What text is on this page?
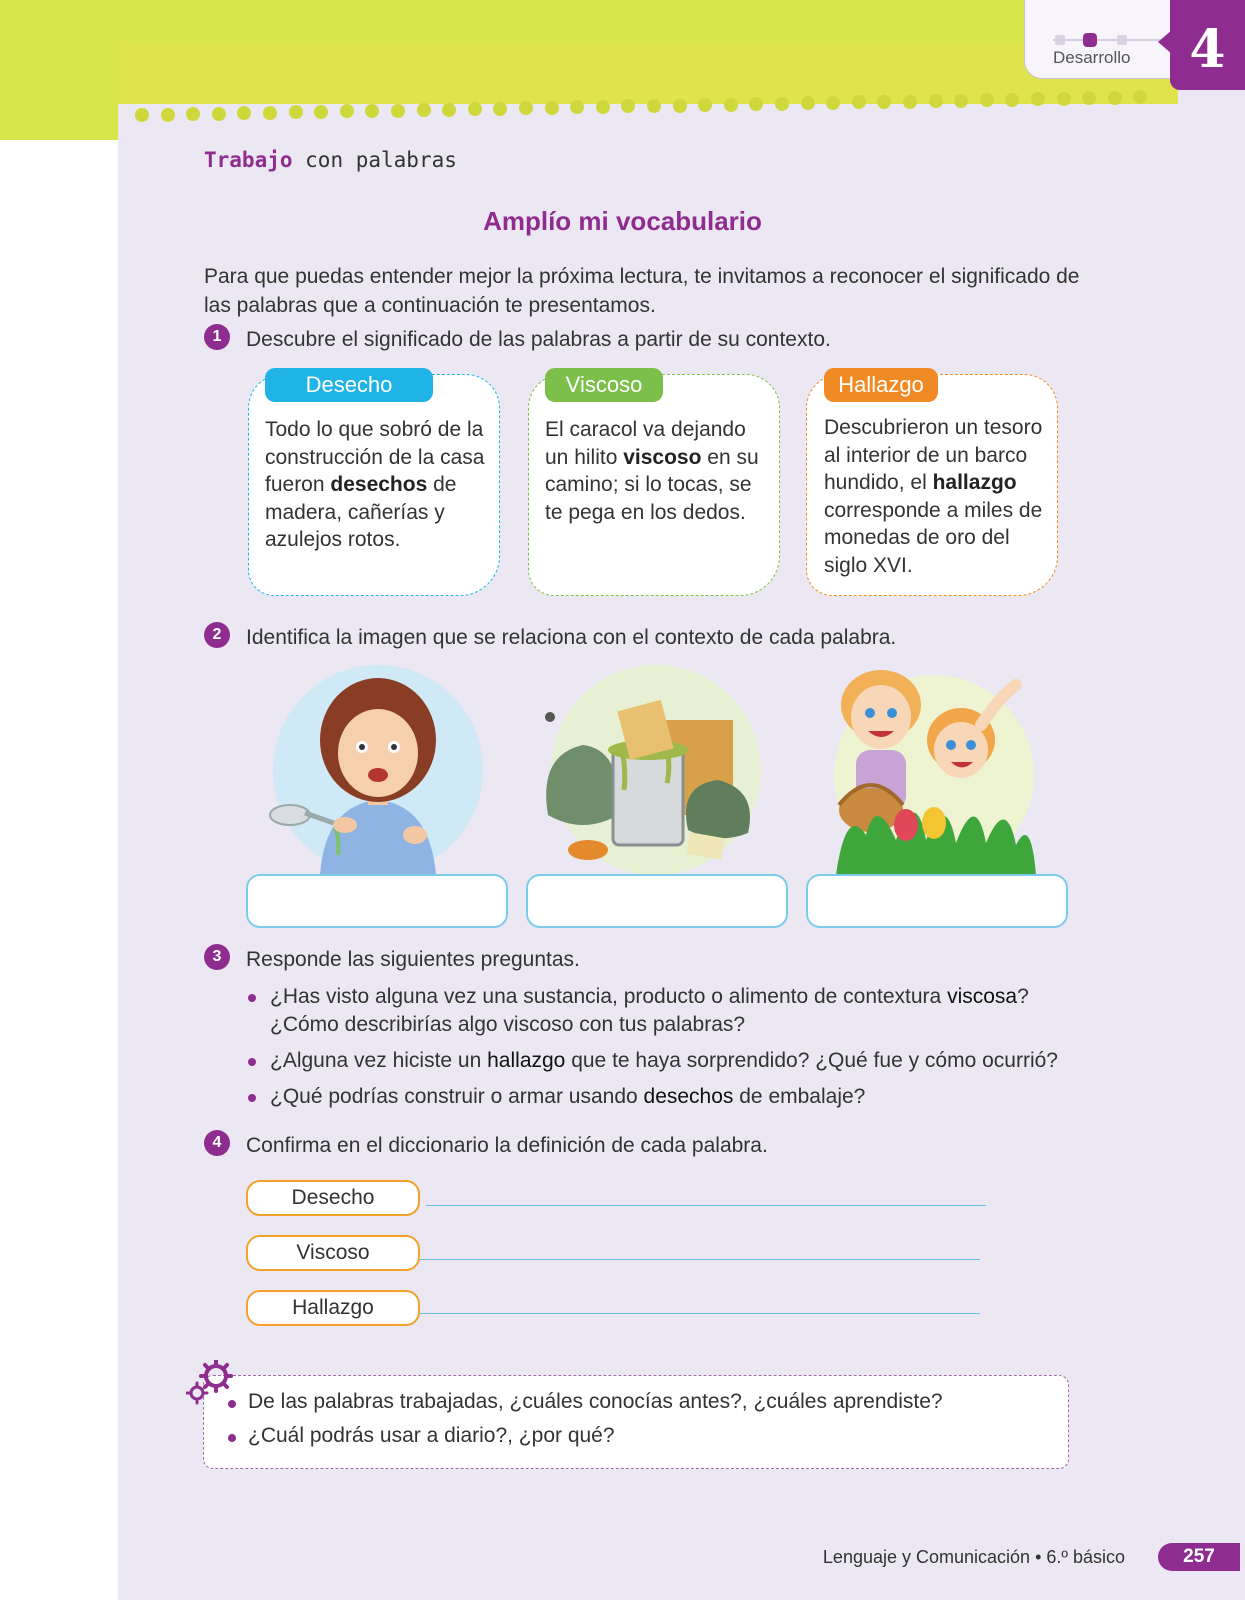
Desarrollo	4
Trabajo con palabras
Amplío mi vocabulario
Para que puedas entender mejor la próxima lectura, te invitamos a reconocer el significado de las palabras que a continuación te presentamos.
1	Descubre el significado de las palabras a partir de su contexto.
Desecho
Todo lo que sobró de la construcción de la casa fueron desechos de madera, cañerías y azulejos rotos.
Viscoso
El caracol va dejando un hilito viscoso en su camino; si lo tocas, se te pega en los dedos.
Hallazgo
Descubrieron un tesoro al interior de un barco hundido, el hallazgo corresponde a miles de monedas de oro del siglo XVI.
2	Identifica la imagen que se relaciona con el contexto de cada palabra.
3	Responde las siguientes preguntas.
¿Has visto alguna vez una sustancia, producto o alimento de contextura viscosa? ¿Cómo describirías algo viscoso con tus palabras?
¿Alguna vez hiciste un hallazgo que te haya sorprendido? ¿Qué fue y cómo ocurrió?
¿Qué podrías construir o armar usando desechos de embalaje?
4	Confirma en el diccionario la definición de cada palabra.
Desecho
Viscoso
Hallazgo
De las palabras trabajadas, ¿cuáles conocías antes?, ¿cuáles aprendiste?
¿Cuál podrás usar a diario?, ¿por qué?
Lenguaje y Comunicación • 6.º básico	257
